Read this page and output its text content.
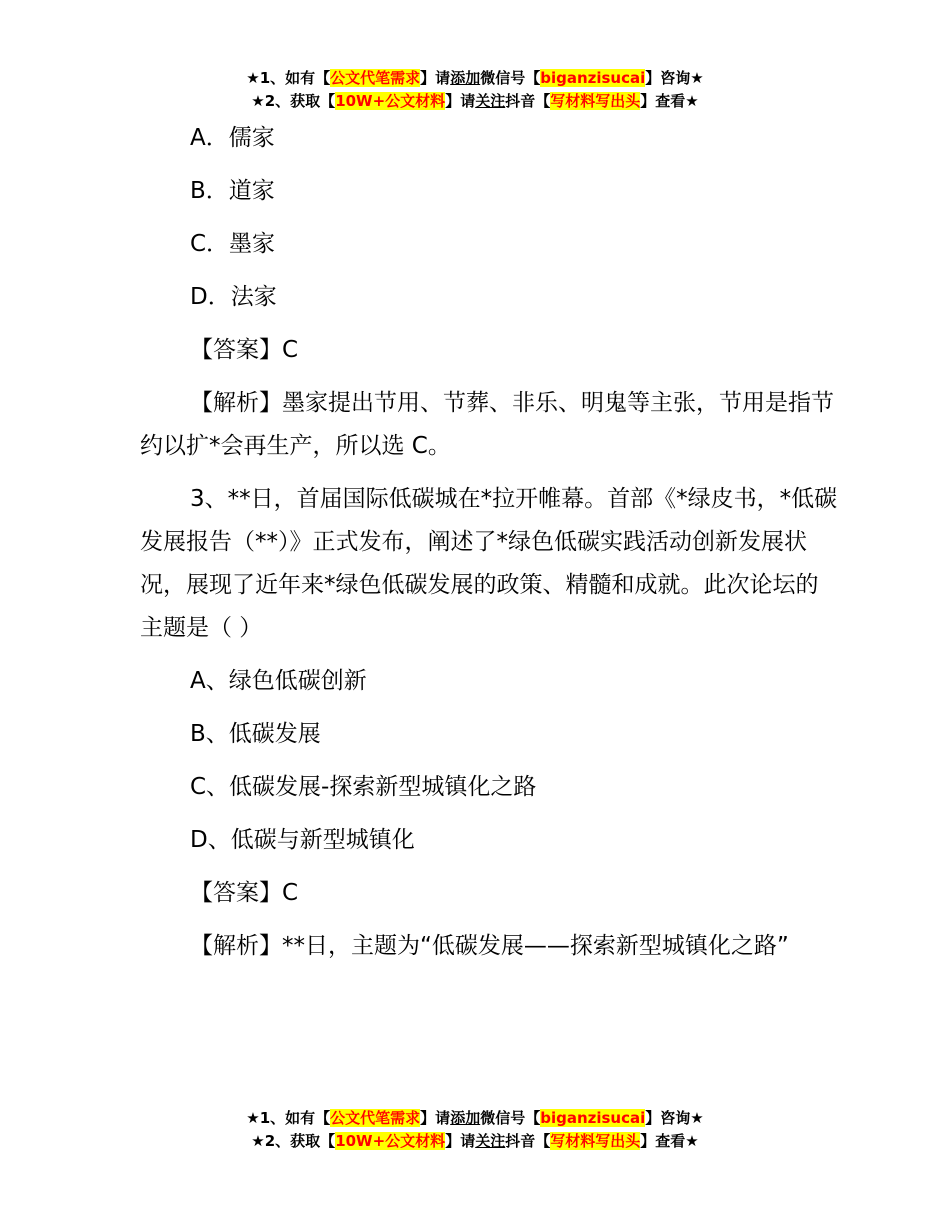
★1、如有【公文代笔需求】请添加微信号【biganzisucai】咨询★
★2、获取【10W+公文材料】请关注抖音【写材料写出头】查看★

A．儒家

B．道家

C．墨家

D．法家

【答案】C

【解析】墨家提出节用、节葬、非乐、明鬼等主张，节用是指节约以扩*会再生产，所以选 C。

3、**日，首届国际低碳城在*拉开帷幕。首部《*绿皮书，*低碳发展报告（**）》正式发布，阐述了*绿色低碳实践活动创新发展状况，展现了近年来*绿色低碳发展的政策、精髓和成就。此次论坛的主题是（ ）

A、绿色低碳创新

B、低碳发展

C、低碳发展-探索新型城镇化之路

D、低碳与新型城镇化

【答案】C

【解析】**日，主题为“低碳发展——探索新型城镇化之路”

★1、如有【公文代笔需求】请添加微信号【biganzisucai】咨询★
★2、获取【10W+公文材料】请关注抖音【写材料写出头】查看★
